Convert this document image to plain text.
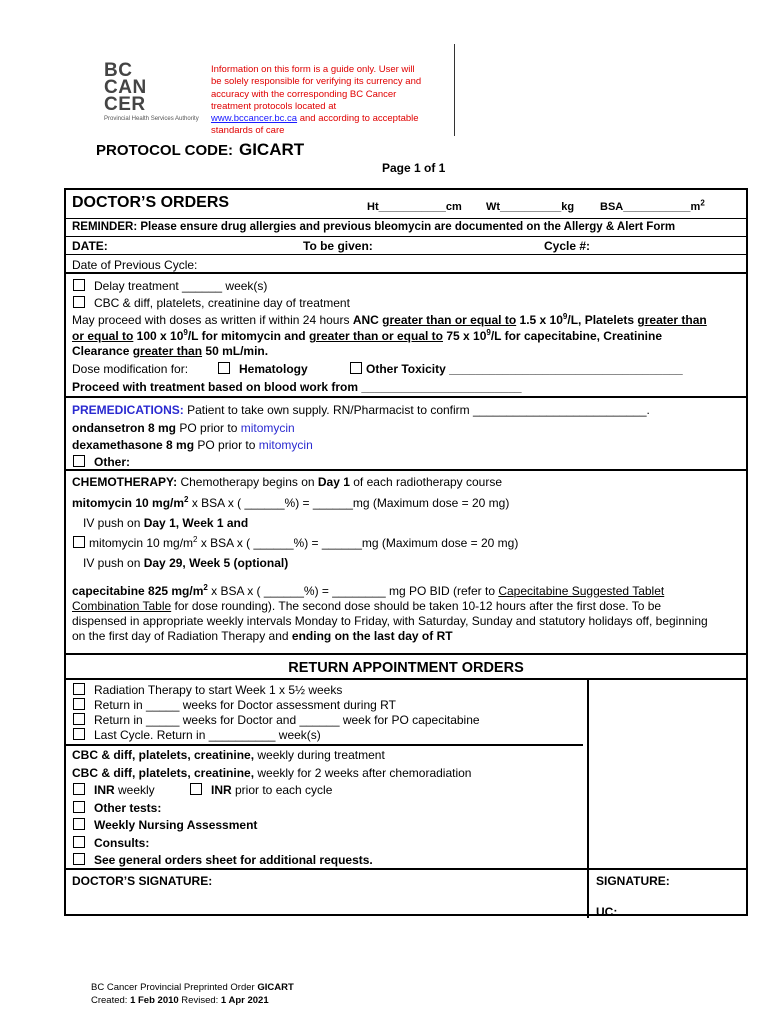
BC
CAN
CER
Provincial Health Services Authority
Information on this form is a guide only. User will
be solely responsible for verifying its currency and
accuracy with the corresponding BC Cancer
treatment protocols located at
www.bccancer.bc.ca and according to acceptable
standards of care
PROTOCOL CODE: GICART
Page 1 of 1
DOCTOR’S ORDERS	Ht___________cm Wt__________kg $BSA\_\_\_\_\_\_\_\_\_\_\_m^2$
REMINDER: Please ensure drug allergies and previous bleomycin are documented on the Allergy & Alert Form
DATE:	To be given:	Cycle #:
Date of Previous Cycle:
Delay treatment ______ week(s)
CBC & diff, platelets, creatinine day of treatment
May proceed with doses as written if within 24 hours ANC greater than or equal to 1.5 x $10^9/L$, Platelets greater than
or equal to 100 x $10^9/L$ for mitomycin and greater than or equal to 75 x $10^9/L$ for capecitabine, Creatinine
Clearance greater than 50 mL/min.
Dose modification for:	Hematology	Other Toxicity ___________________________________
Proceed with treatment based on blood work from ________________________
PREMEDICATIONS: Patient to take own supply. RN/Pharmacist to confirm __________________________.
ondansetron 8 mg PO prior to mitomycin
dexamethasone 8 mg PO prior to mitomycin
Other:
CHEMOTHERAPY: Chemotherapy begins on Day 1 of each radiotherapy course
mitomycin 10 $mg/m^2$ x BSA x ( ______%) = ______mg (Maximum dose = 20 mg)
IV push on Day 1, Week 1 and
mitomycin 10 $mg/m^2$ x BSA x ( ______%) = ______mg (Maximum dose = 20 mg)
IV push on Day 29, Week 5 (optional)
capecitabine 825 $mg/m^2$ x BSA x ( ______%) = ________ mg PO BID (refer to Capecitabine Suggested Tablet
Combination Table for dose rounding). The second dose should be taken 10-12 hours after the first dose. To be
dispensed in appropriate weekly intervals Monday to Friday, with Saturday, Sunday and statutory holidays off, beginning
on the first day of Radiation Therapy and ending on the last day of RT
RETURN APPOINTMENT ORDERS
Radiation Therapy to start Week 1 x 5½ weeks
Return in _____ weeks for Doctor assessment during RT
Return in _____ weeks for Doctor and ______ week for PO capecitabine
Last Cycle. Return in __________ week(s)
CBC & diff, platelets, creatinine, weekly during treatment
CBC & diff, platelets, creatinine, weekly for 2 weeks after chemoradiation
INR weekly	INR prior to each cycle
Other tests:
Weekly Nursing Assessment
Consults:
See general orders sheet for additional requests.
DOCTOR’S SIGNATURE:	SIGNATURE:
UC:
BC Cancer Provincial Preprinted Order GICART
Created: 1 Feb 2010 Revised: 1 Apr 2021
